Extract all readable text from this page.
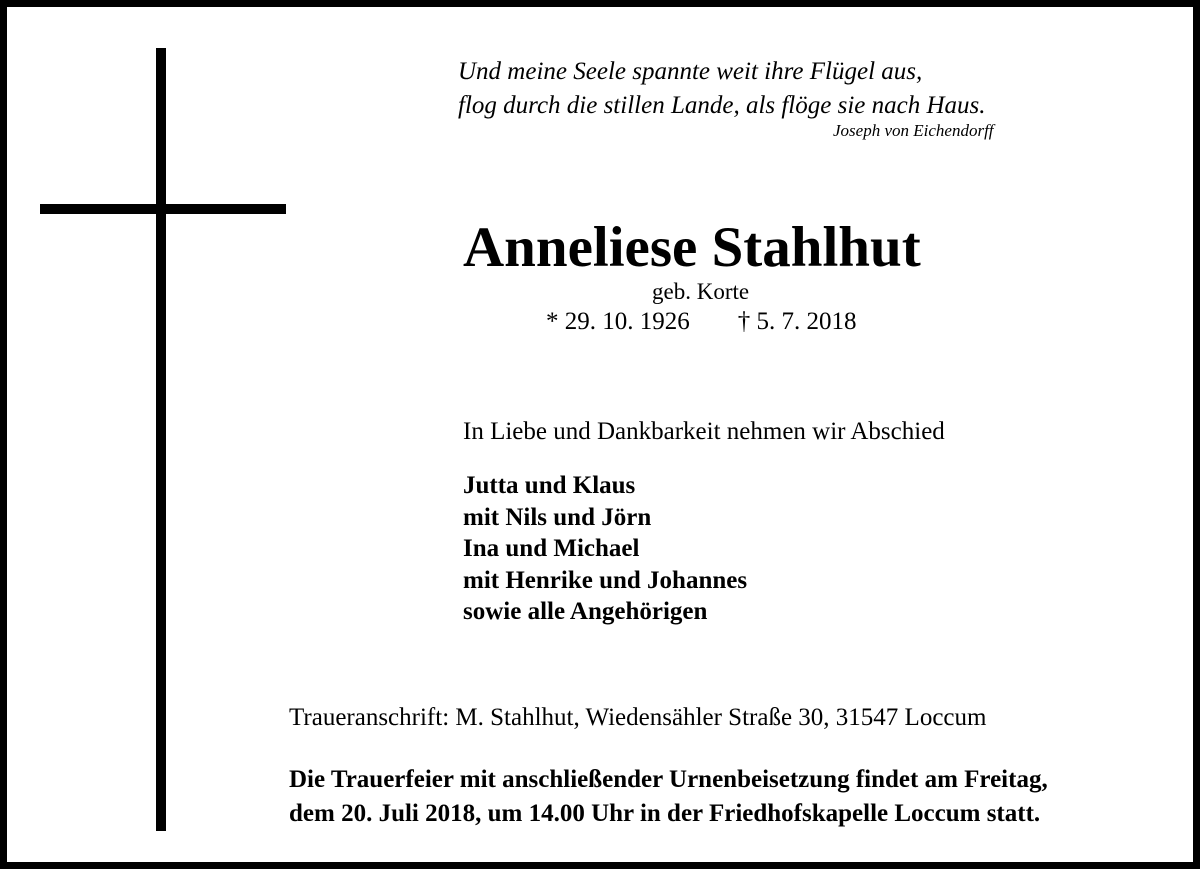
Und meine Seele spannte weit ihre Flügel aus,
flog durch die stillen Lande, als flöge sie nach Haus.
Joseph von Eichendorff
Anneliese Stahlhut
geb. Korte
* 29. 10. 1926 † 5. 7. 2018
In Liebe und Dankbarkeit nehmen wir Abschied
Jutta und Klaus
mit Nils und Jörn
Ina und Michael
mit Henrike und Johannes
sowie alle Angehörigen
Traueranschrift: M. Stahlhut, Wiedensähler Straße 30, 31547 Loccum
Die Trauerfeier mit anschließender Urnenbeisetzung findet am Freitag,
dem 20. Juli 2018, um 14.00 Uhr in der Friedhofskapelle Loccum statt.
